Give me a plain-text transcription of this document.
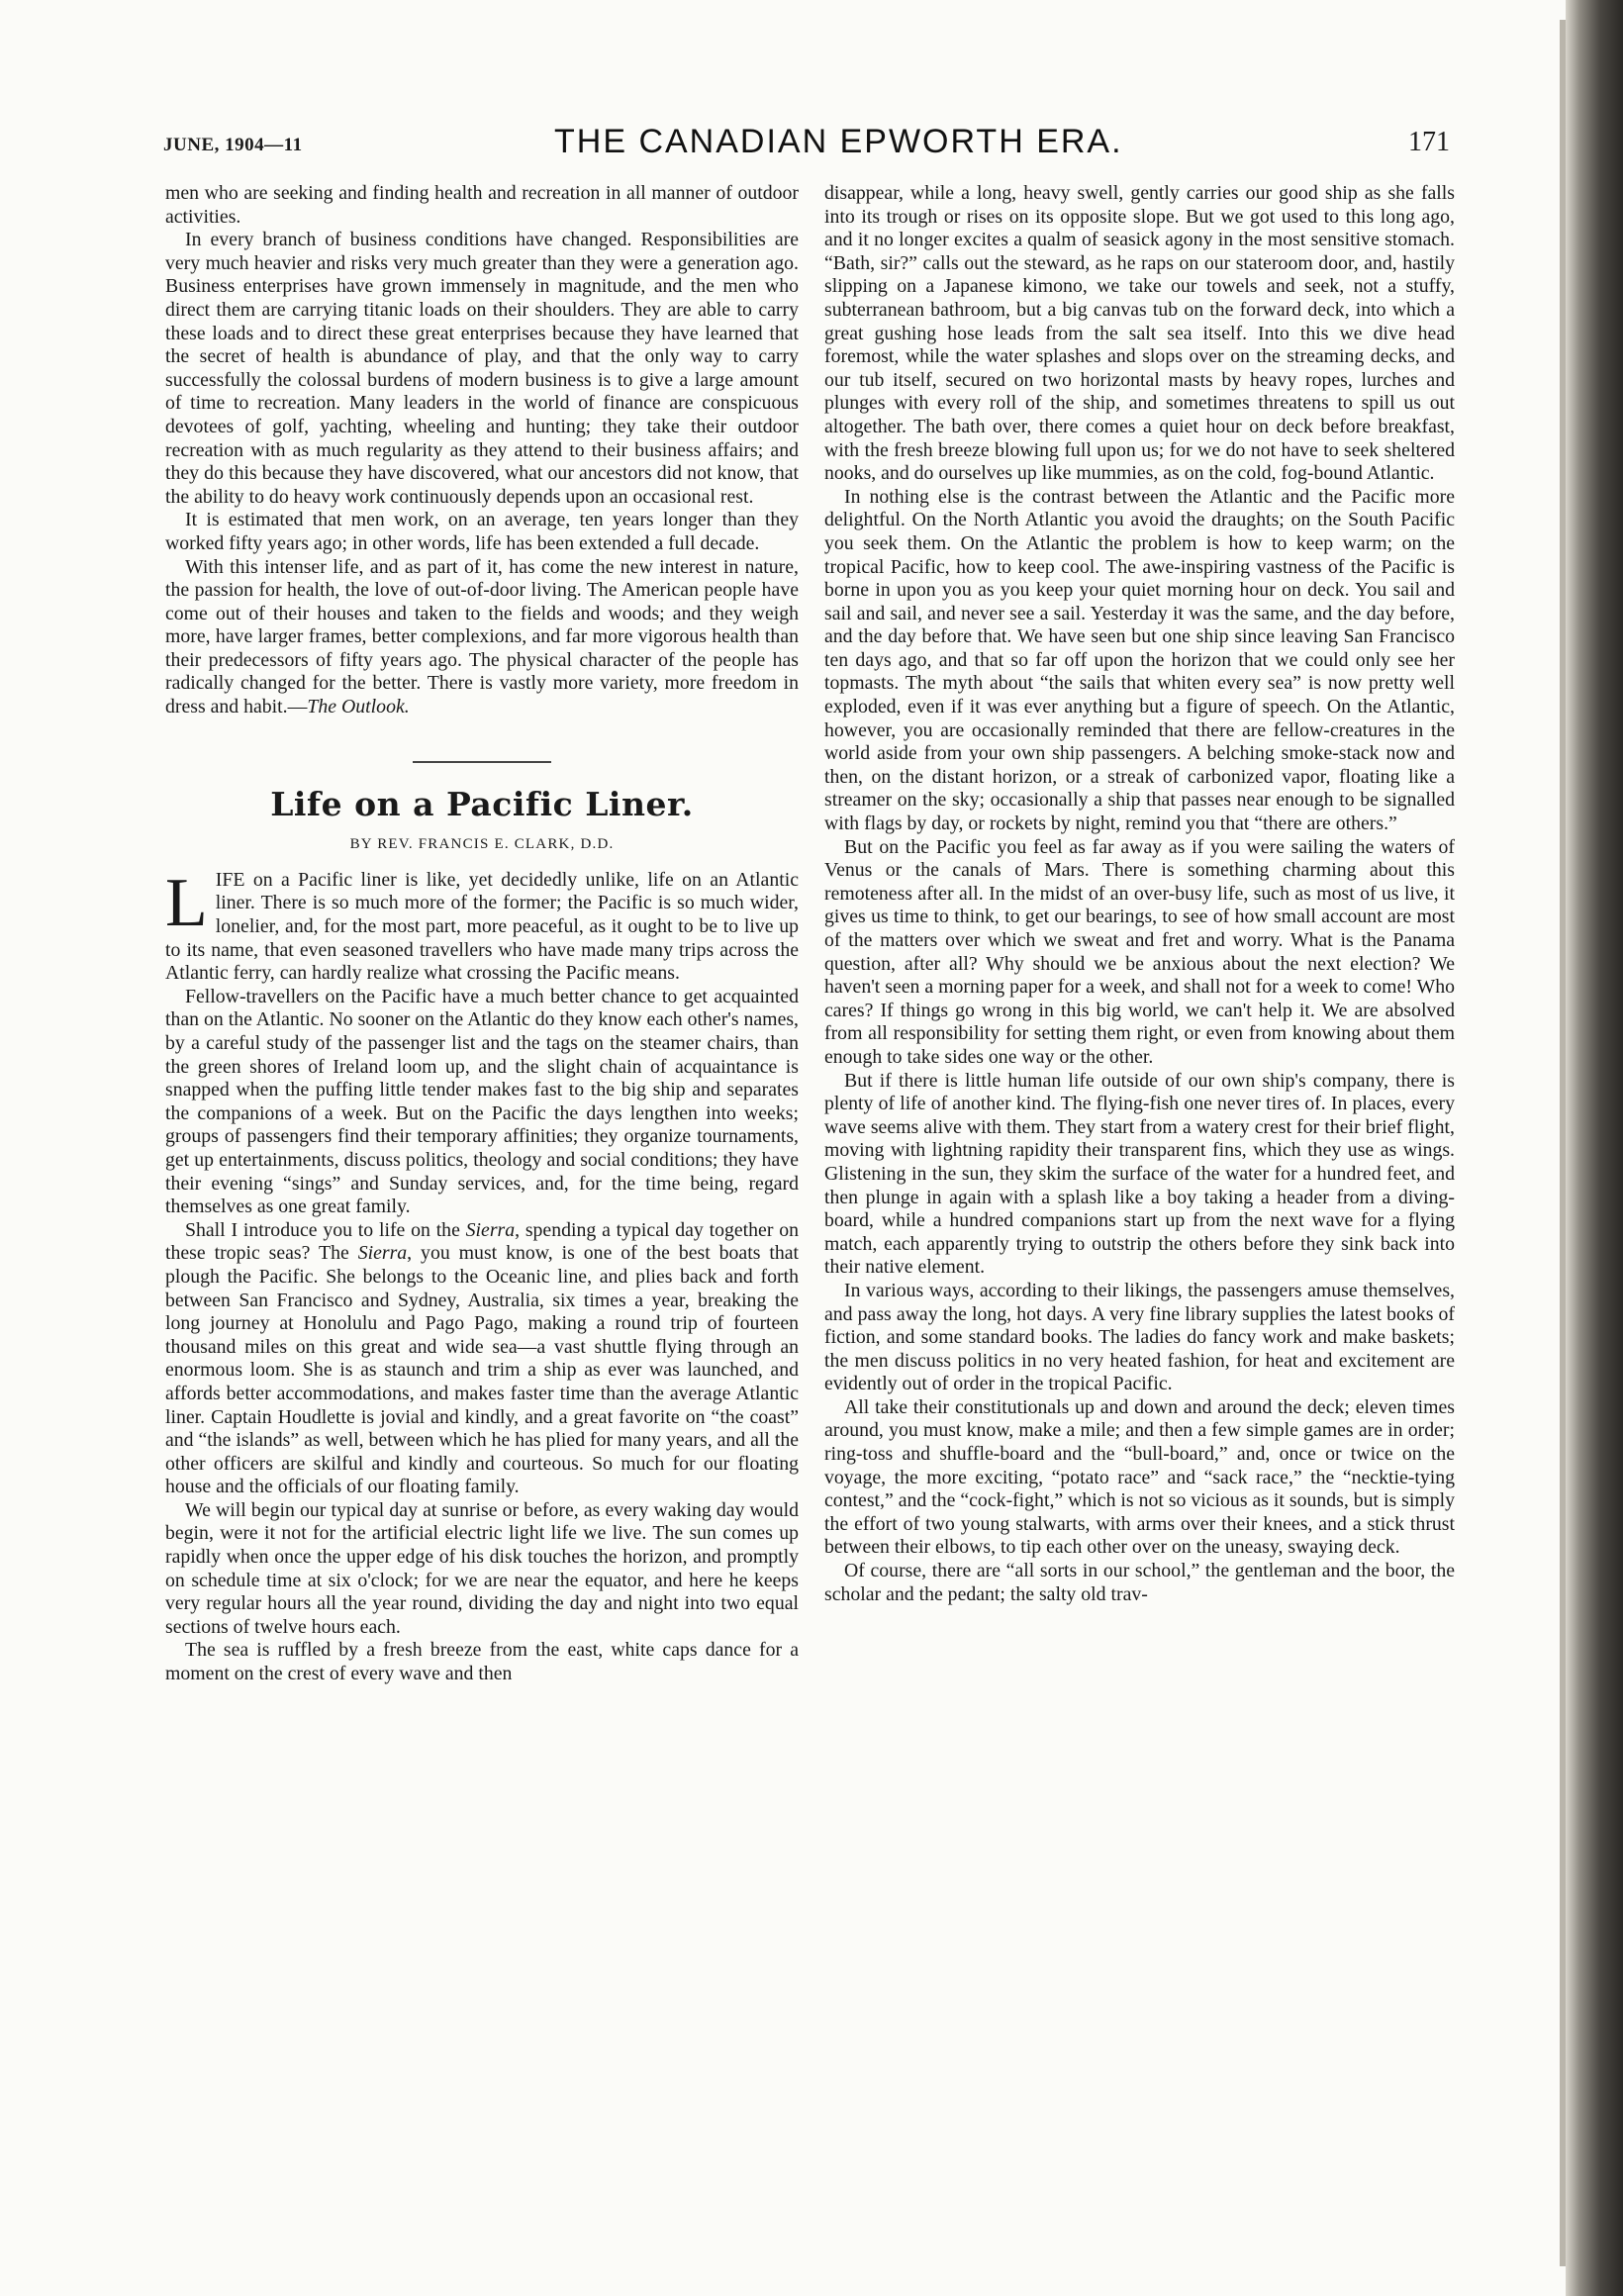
JUNE, 1904—11	THE CANADIAN EPWORTH ERA.	171

men who are seeking and finding health and recreation in all manner of outdoor activities.

In every branch of business conditions have changed. Responsibilities are very much heavier and risks very much greater than they were a generation ago. Business enterprises have grown immensely in magnitude, and the men who direct them are carrying titanic loads on their shoulders. They are able to carry these loads and to direct these great enterprises because they have learned that the secret of health is abundance of play, and that the only way to carry successfully the colossal burdens of modern business is to give a large amount of time to recreation. Many leaders in the world of finance are conspicuous devotees of golf, yachting, wheeling and hunting; they take their outdoor recreation with as much regularity as they attend to their business affairs; and they do this because they have discovered, what our ancestors did not know, that the ability to do heavy work continuously depends upon an occasional rest.

It is estimated that men work, on an average, ten years longer than they worked fifty years ago; in other words, life has been extended a full decade.

With this intenser life, and as part of it, has come the new interest in nature, the passion for health, the love of out-of-door living. The American people have come out of their houses and taken to the fields and woods; and they weigh more, have larger frames, better complexions, and far more vigorous health than their predecessors of fifty years ago. The physical character of the people has radically changed for the better. There is vastly more variety, more freedom in dress and habit.—The Outlook.

Life on a Pacific Liner.
BY REV. FRANCIS E. CLARK, D.D.

LIFE on a Pacific liner is like, yet decidedly unlike, life on an Atlantic liner. There is so much more of the former; the Pacific is so much wider, lonelier, and, for the most part, more peaceful, as it ought to be to live up to its name, that even seasoned travellers who have made many trips across the Atlantic ferry, can hardly realize what crossing the Pacific means.

Fellow-travellers on the Pacific have a much better chance to get acquainted than on the Atlantic. No sooner on the Atlantic do they know each other's names, by a careful study of the passenger list and the tags on the steamer chairs, than the green shores of Ireland loom up, and the slight chain of acquaintance is snapped when the puffing little tender makes fast to the big ship and separates the companions of a week. But on the Pacific the days lengthen into weeks; groups of passengers find their temporary affinities; they organize tournaments, get up entertainments, discuss politics, theology and social conditions; they have their evening “sings” and Sunday services, and, for the time being, regard themselves as one great family.

Shall I introduce you to life on the Sierra, spending a typical day together on these tropic seas? The Sierra, you must know, is one of the best boats that plough the Pacific. She belongs to the Oceanic line, and plies back and forth between San Francisco and Sydney, Australia, six times a year, breaking the long journey at Honolulu and Pago Pago, making a round trip of fourteen thousand miles on this great and wide sea—a vast shuttle flying through an enormous loom. She is as staunch and trim a ship as ever was launched, and affords better accommodations, and makes faster time than the average Atlantic liner. Captain Houdlette is jovial and kindly, and a great favorite on “the coast” and “the islands” as well, between which he has plied for many years, and all the other officers are skilful and kindly and courteous. So much for our floating house and the officials of our floating family.

We will begin our typical day at sunrise or before, as every waking day would begin, were it not for the artificial electric light life we live. The sun comes up rapidly when once the upper edge of his disk touches the horizon, and promptly on schedule time at six o'clock; for we are near the equator, and here he keeps very regular hours all the year round, dividing the day and night into two equal sections of twelve hours each.

The sea is ruffled by a fresh breeze from the east, white caps dance for a moment on the crest of every wave and then

disappear, while a long, heavy swell, gently carries our good ship as she falls into its trough or rises on its opposite slope. But we got used to this long ago, and it no longer excites a qualm of seasick agony in the most sensitive stomach. “Bath, sir?” calls out the steward, as he raps on our stateroom door, and, hastily slipping on a Japanese kimono, we take our towels and seek, not a stuffy, subterranean bathroom, but a big canvas tub on the forward deck, into which a great gushing hose leads from the salt sea itself. Into this we dive head foremost, while the water splashes and slops over on the streaming decks, and our tub itself, secured on two horizontal masts by heavy ropes, lurches and plunges with every roll of the ship, and sometimes threatens to spill us out altogether. The bath over, there comes a quiet hour on deck before breakfast, with the fresh breeze blowing full upon us; for we do not have to seek sheltered nooks, and do ourselves up like mummies, as on the cold, fog-bound Atlantic.

In nothing else is the contrast between the Atlantic and the Pacific more delightful. On the North Atlantic you avoid the draughts; on the South Pacific you seek them. On the Atlantic the problem is how to keep warm; on the tropical Pacific, how to keep cool. The awe-inspiring vastness of the Pacific is borne in upon you as you keep your quiet morning hour on deck. You sail and sail and sail, and never see a sail. Yesterday it was the same, and the day before, and the day before that. We have seen but one ship since leaving San Francisco ten days ago, and that so far off upon the horizon that we could only see her topmasts. The myth about “the sails that whiten every sea” is now pretty well exploded, even if it was ever anything but a figure of speech. On the Atlantic, however, you are occasionally reminded that there are fellow-creatures in the world aside from your own ship passengers. A belching smoke-stack now and then, on the distant horizon, or a streak of carbonized vapor, floating like a streamer on the sky; occasionally a ship that passes near enough to be signalled with flags by day, or rockets by night, remind you that “there are others.”

But on the Pacific you feel as far away as if you were sailing the waters of Venus or the canals of Mars. There is something charming about this remoteness after all. In the midst of an over-busy life, such as most of us live, it gives us time to think, to get our bearings, to see of how small account are most of the matters over which we sweat and fret and worry. What is the Panama question, after all? Why should we be anxious about the next election? We haven't seen a morning paper for a week, and shall not for a week to come! Who cares? If things go wrong in this big world, we can't help it. We are absolved from all responsibility for setting them right, or even from knowing about them enough to take sides one way or the other.

But if there is little human life outside of our own ship's company, there is plenty of life of another kind. The flying-fish one never tires of. In places, every wave seems alive with them. They start from a watery crest for their brief flight, moving with lightning rapidity their transparent fins, which they use as wings. Glistening in the sun, they skim the surface of the water for a hundred feet, and then plunge in again with a splash like a boy taking a header from a diving-board, while a hundred companions start up from the next wave for a flying match, each apparently trying to outstrip the others before they sink back into their native element.

In various ways, according to their likings, the passengers amuse themselves, and pass away the long, hot days. A very fine library supplies the latest books of fiction, and some standard books. The ladies do fancy work and make baskets; the men discuss politics in no very heated fashion, for heat and excitement are evidently out of order in the tropical Pacific.

All take their constitutionals up and down and around the deck; eleven times around, you must know, make a mile; and then a few simple games are in order; ring-toss and shuffle-board and the “bull-board,” and, once or twice on the voyage, the more exciting, “potato race” and “sack race,” the “necktie-tying contest,” and the “cock-fight,” which is not so vicious as it sounds, but is simply the effort of two young stalwarts, with arms over their knees, and a stick thrust between their elbows, to tip each other over on the uneasy, swaying deck.

Of course, there are “all sorts in our school,” the gentleman and the boor, the scholar and the pedant; the salty old trav-
